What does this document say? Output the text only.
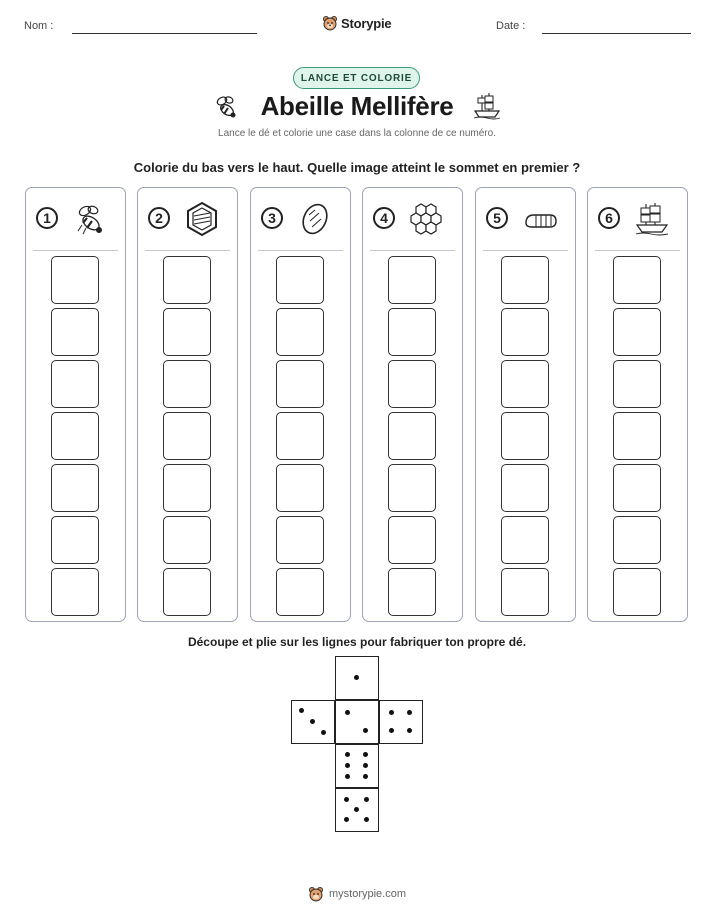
Nom :	Storypie	Date :
LANCE ET COLORIE
Abeille Mellifère
Lance le dé et colorie une case dans la colonne de ce numéro.
Colorie du bas vers le haut. Quelle image atteint le sommet en premier ?
1	2	3	4	5	6
Découpe et plie sur les lignes pour fabriquer ton propre dé.
mystorypie.com
